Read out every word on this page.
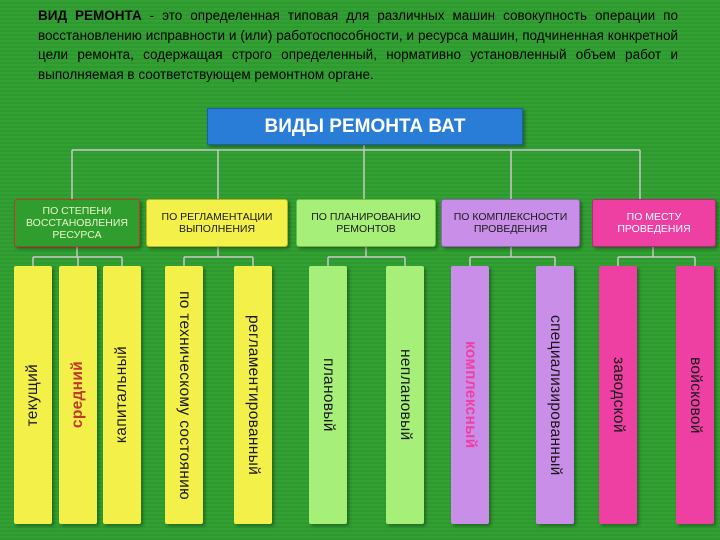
ВИД РЕМОНТА - это определенная типовая для различных машин совокупность операции по восстановлению исправности и (или) работоспособности, и ресурса машин, подчиненная конкретной цели ремонта, содержащая строго определенный, нормативно установленный объем работ и выполняемая в соответствующем ремонтном органе.
ВИДЫ РЕМОНТА ВАТ
ПО СТЕПЕНИ ВОССТАНОВЛЕНИЯ РЕСУРСА
ПО РЕГЛАМЕНТАЦИИ ВЫПОЛНЕНИЯ
ПО ПЛАНИРОВАНИЮ РЕМОНТОВ
ПО КОМПЛЕКСНОСТИ ПРОВЕДЕНИЯ
ПО МЕСТУ ПРОВЕДЕНИЯ
текущий средний капитальный	по техническому состоянию	регламентированный	плановый	неплановый	комплексный	специализированный	заводской	войсковой
